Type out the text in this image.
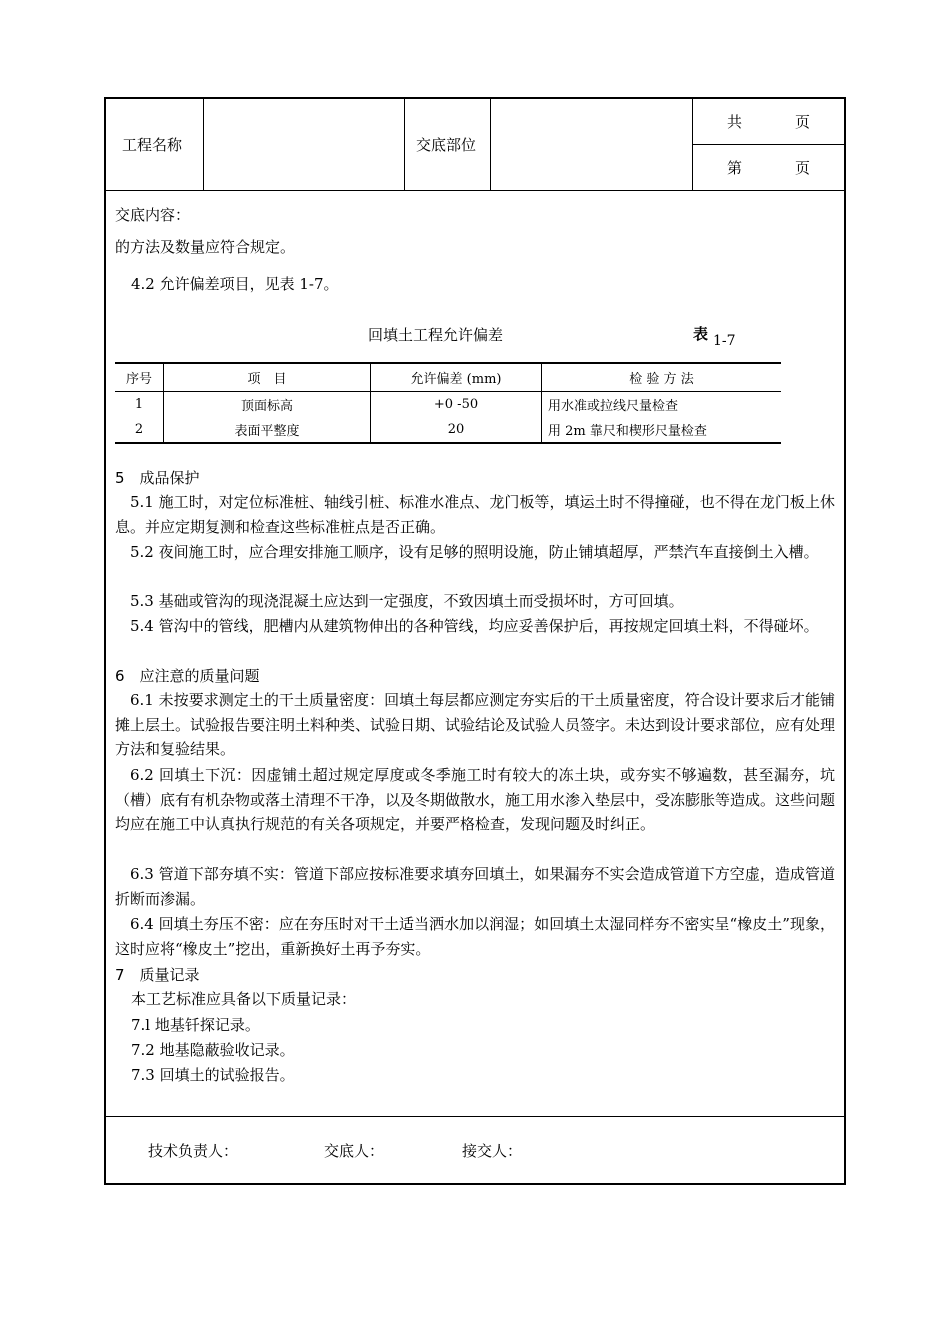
工程名称	交底部位
共	页
第	页
交底内容：
的方法及数量应符合规定。
4.2 允许偏差项目，见表 1-7。
回填土工程允许偏差	表 1-7
序号	项　目	允许偏差 (mm)	检 验 方 法
1	顶面标高	+0 -50	用水准或拉线尺量检查
2	表面平整度	20	用 2m 靠尺和楔形尺量检查
5　成品保护
5.1 施工时，对定位标准桩、轴线引桩、标准水准点、龙门板等，填运土时不得撞碰，也不得在龙门板上休息。并应定期复测和检查这些标准桩点是否正确。
5.2 夜间施工时，应合理安排施工顺序，设有足够的照明设施，防止铺填超厚，严禁汽车直接倒土入槽。
5.3 基础或管沟的现浇混凝土应达到一定强度，不致因填土而受损坏时，方可回填。
5.4 管沟中的管线，肥槽内从建筑物伸出的各种管线，均应妥善保护后，再按规定回填土料，不得碰坏。
6　应注意的质量问题
6.1 未按要求测定土的干土质量密度：回填土每层都应测定夯实后的干土质量密度，符合设计要求后才能铺摊上层土。试验报告要注明土料种类、试验日期、试验结论及试验人员签字。未达到设计要求部位，应有处理方法和复验结果。
6.2 回填土下沉：因虚铺土超过规定厚度或冬季施工时有较大的冻土块，或夯实不够遍数，甚至漏夯，坑（槽）底有有机杂物或落土清理不干净，以及冬期做散水，施工用水渗入垫层中，受冻膨胀等造成。这些问题均应在施工中认真执行规范的有关各项规定，并要严格检查，发现问题及时纠正。
6.3 管道下部夯填不实：管道下部应按标准要求填夯回填土，如果漏夯不实会造成管道下方空虚，造成管道折断而渗漏。
6.4 回填土夯压不密：应在夯压时对干土适当洒水加以润湿；如回填土太湿同样夯不密实呈“橡皮土”现象，这时应将“橡皮土”挖出，重新换好土再予夯实。
7　质量记录
本工艺标准应具备以下质量记录：
7.l 地基钎探记录。
7.2 地基隐蔽验收记录。
7.3 回填土的试验报告。
技术负责人：	交底人：	接交人：
